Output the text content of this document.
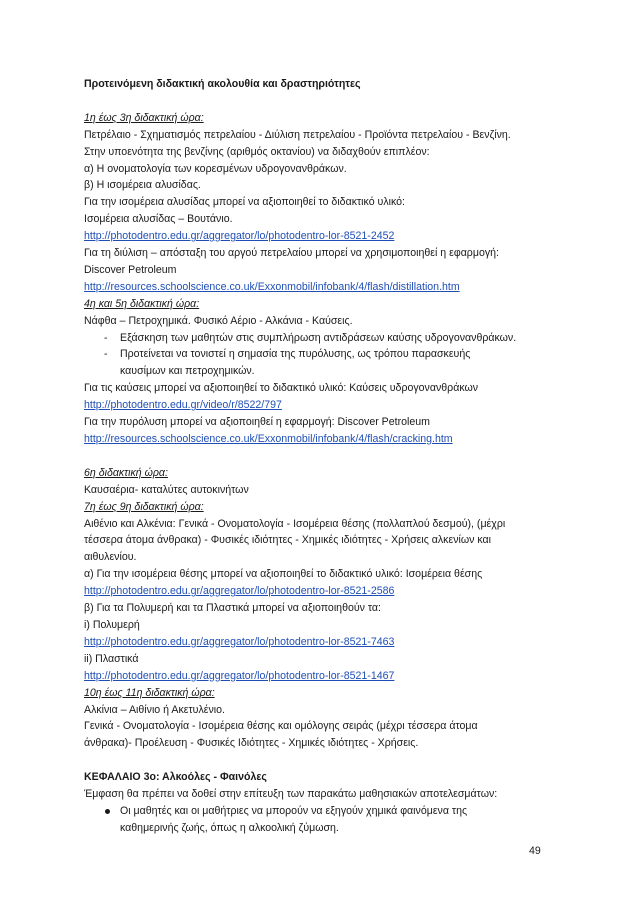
Προτεινόμενη διδακτική ακολουθία και δραστηριότητες
1η έως 3η διδακτική ώρα:
Πετρέλαιο - Σχηματισμός πετρελαίου - Διύλιση πετρελαίου - Προϊόντα πετρελαίου - Βενζίνη.
Στην υποενότητα της βενζίνης (αριθμός οκτανίου) να διδαχθούν επιπλέον:
α) Η ονοματολογία των κορεσμένων υδρογονανθράκων.
β) Η ισομέρεια αλυσίδας.
Για την ισομέρεια αλυσίδας μπορεί να αξιοποιηθεί το διδακτικό υλικό:
Ισομέρεια αλυσίδας – Βουτάνιο.
http://photodentro.edu.gr/aggregator/lo/photodentro-lor-8521-2452
Για τη διύλιση – απόσταξη του αργού πετρελαίου μπορεί να χρησιμοποιηθεί η εφαρμογή:
Discover Petroleum
http://resources.schoolscience.co.uk/Exxonmobil/infobank/4/flash/distillation.htm
4η και 5η διδακτική ώρα:
Νάφθα – Πετροχημικά. Φυσικό Αέριο - Αλκάνια - Καύσεις.
- Εξάσκηση των μαθητών στις συμπλήρωση αντιδράσεων καύσης υδρογονανθράκων.
- Προτείνεται να τονιστεί η σημασία της πυρόλυσης, ως τρόπου παρασκευής
καυσίμων και πετροχημικών.
Για τις καύσεις μπορεί να αξιοποιηθεί το διδακτικό υλικό: Καύσεις υδρογονανθράκων
http://photodentro.edu.gr/video/r/8522/797
Για την πυρόλυση μπορεί να αξιοποιηθεί η εφαρμογή: Discover Petroleum
http://resources.schoolscience.co.uk/Exxonmobil/infobank/4/flash/cracking.htm
6η διδακτική ώρα:
Καυσαέρια- καταλύτες αυτοκινήτων
7η έως 9η διδακτική ώρα:
Αιθένιο και Αλκένια: Γενικά - Ονοματολογία - Ισομέρεια θέσης (πολλαπλού δεσμού), (μέχρι
τέσσερα άτομα άνθρακα) - Φυσικές ιδιότητες - Χημικές ιδιότητες - Χρήσεις αλκενίων και
αιθυλενίου.
α) Για την ισομέρεια θέσης μπορεί να αξιοποιηθεί το διδακτικό υλικό: Ισομέρεια θέσης
http://photodentro.edu.gr/aggregator/lo/photodentro-lor-8521-2586
β) Για τα Πολυμερή και τα Πλαστικά μπορεί να αξιοποιηθούν τα:
i) Πολυμερή
http://photodentro.edu.gr/aggregator/lo/photodentro-lor-8521-7463
ii) Πλαστικά
http://photodentro.edu.gr/aggregator/lo/photodentro-lor-8521-1467
10η έως 11η διδακτική ώρα:
Αλκίνια – Αιθίνιο ή Ακετυλένιο.
Γενικά - Ονοματολογία - Ισομέρεια θέσης και ομόλογης σειράς (μέχρι τέσσερα άτομα
άνθρακα)- Προέλευση - Φυσικές Ιδιότητες - Χημικές ιδιότητες - Χρήσεις.
ΚΕΦΑΛΑΙΟ 3ο: Αλκοόλες - Φαινόλες
Έμφαση θα πρέπει να δοθεί στην επίτευξη των παρακάτω μαθησιακών αποτελεσμάτων:
Οι μαθητές και οι μαθήτριες να μπορούν να εξηγούν χημικά φαινόμενα της
καθημερινής ζωής, όπως η αλκοολική ζύμωση.
49
